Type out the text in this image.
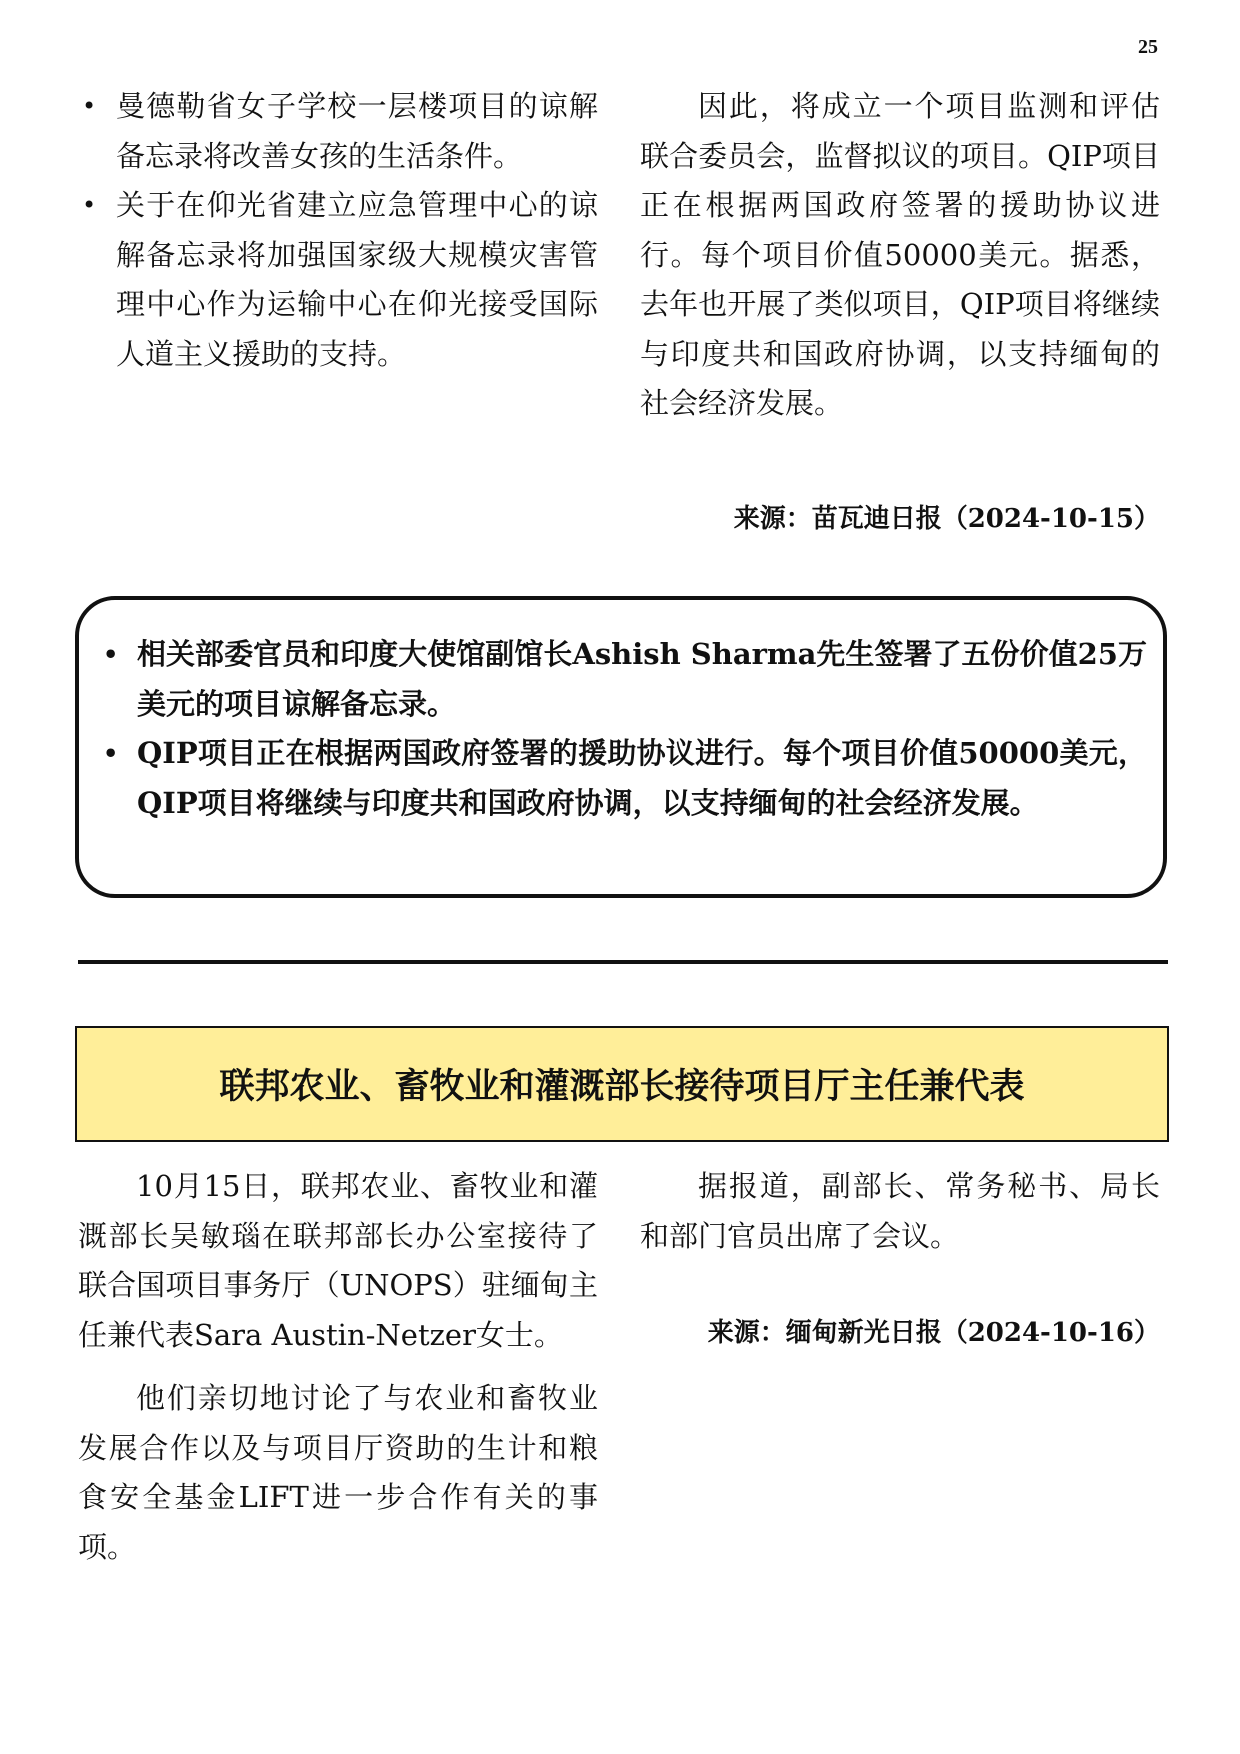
25
• 曼德勒省女子学校一层楼项目的谅解备忘录将改善女孩的生活条件。
• 关于在仰光省建立应急管理中心的谅解备忘录将加强国家级大规模灾害管理中心作为运输中心在仰光接受国际人道主义援助的支持。

因此，将成立一个项目监测和评估联合委员会，监督拟议的项目。QIP项目正在根据两国政府签署的援助协议进行。每个项目价值50000美元。据悉，去年也开展了类似项目，QIP项目将继续与印度共和国政府协调，以支持缅甸的社会经济发展。

来源：苗瓦迪日报（2024-10-15）
• 相关部委官员和印度大使馆副馆长Ashish Sharma先生签署了五份价值25万美元的项目谅解备忘录。
• QIP项目正在根据两国政府签署的援助协议进行。每个项目价值50000美元，QIP项目将继续与印度共和国政府协调，以支持缅甸的社会经济发展。
联邦农业、畜牧业和灌溉部长接待项目厅主任兼代表

10月15日，联邦农业、畜牧业和灌溉部长吴敏瑙在联邦部长办公室接待了联合国项目事务厅（UNOPS）驻缅甸主任兼代表Sara Austin-Netzer女士。

他们亲切地讨论了与农业和畜牧业发展合作以及与项目厅资助的生计和粮食安全基金LIFT进一步合作有关的事项。

据报道，副部长、常务秘书、局长和部门官员出席了会议。

来源：缅甸新光日报（2024-10-16）
